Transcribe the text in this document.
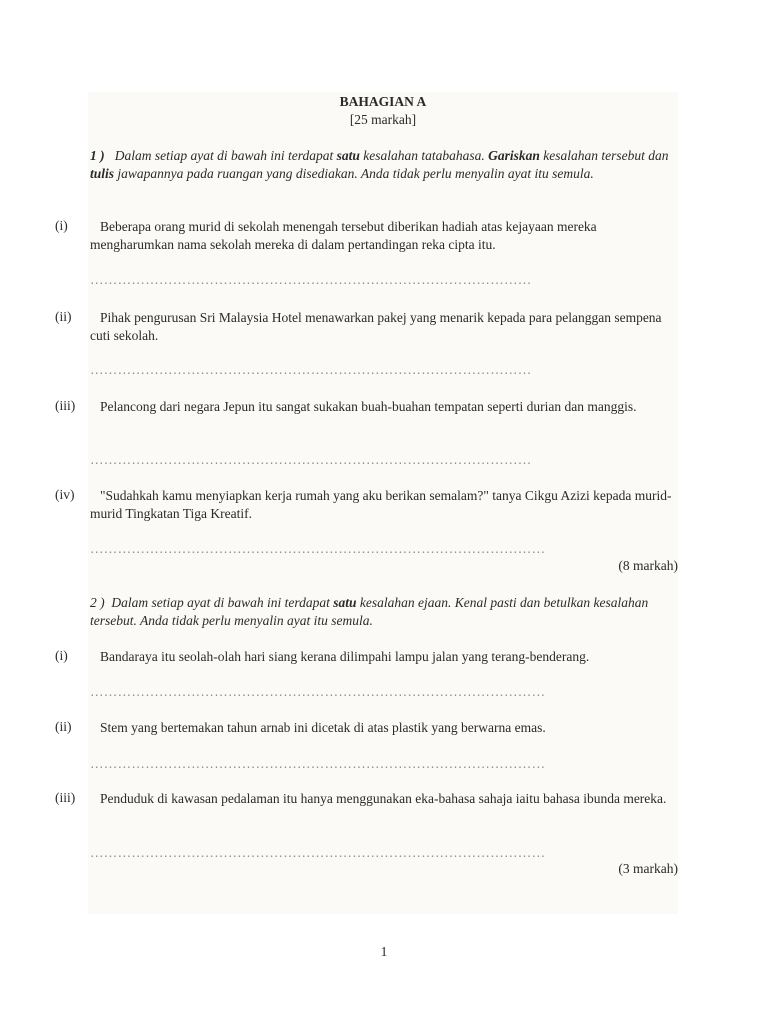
BAHAGIAN A
[25 markah]
1 ) Dalam setiap ayat di bawah ini terdapat satu kesalahan tatabahasa. Gariskan kesalahan tersebut dan tulis jawapannya pada ruangan yang disediakan. Anda tidak perlu menyalin ayat itu semula.
(i)	Beberapa orang murid di sekolah menengah tersebut diberikan hadiah atas kejayaan mereka mengharumkan nama sekolah mereka di dalam pertandingan reka cipta itu.
……………………………………………………………………………………
(ii)	Pihak pengurusan Sri Malaysia Hotel menawarkan pakej yang menarik kepada para pelanggan sempena cuti sekolah.
……………………………………………………………………………………
(iii)	Pelancong dari negara Jepun itu sangat sukakan buah-buahan tempatan seperti durian dan manggis.
……………………………………………………………………………………
(iv)	"Sudahkah kamu menyiapkan kerja rumah yang aku berikan semalam?" tanya Cikgu Azizi kepada murid-murid Tingkatan Tiga Kreatif.
………………………………………………………………………………………
(8 markah)
2 ) Dalam setiap ayat di bawah ini terdapat satu kesalahan ejaan. Kenal pasti dan betulkan kesalahan tersebut. Anda tidak perlu menyalin ayat itu semula.
(i)	Bandaraya itu seolah-olah hari siang kerana dilimpahi lampu jalan yang terang-benderang.
………………………………………………………………………………………
(ii)	Stem yang bertemakan tahun arnab ini dicetak di atas plastik yang berwarna emas.
………………………………………………………………………………………
(iii)	Penduduk di kawasan pedalaman itu hanya menggunakan eka-bahasa sahaja iaitu bahasa ibunda mereka.
………………………………………………………………………………………
(3 markah)
1
